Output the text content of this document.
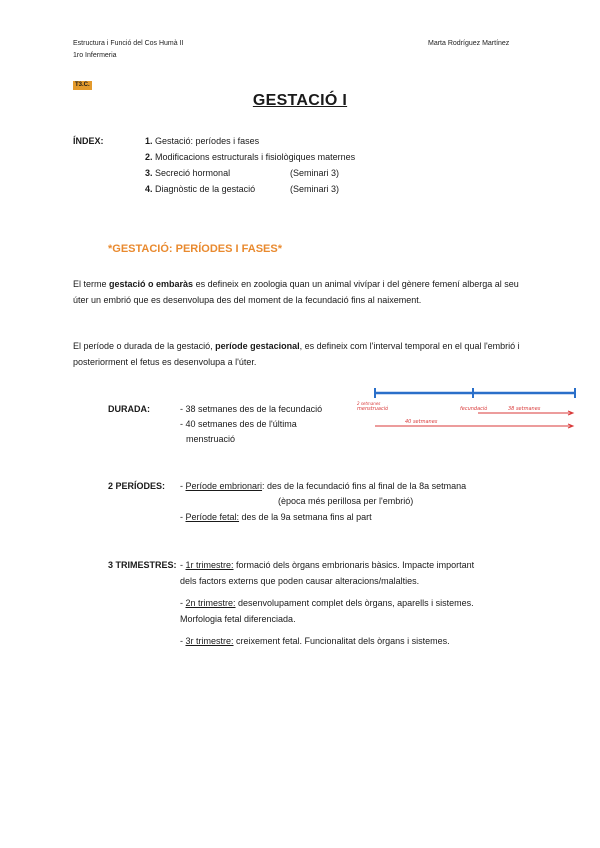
Estructura i Funció del Cos Humà II
1ro Infermeria
Marta Rodríguez Martínez
T3.C.
GESTACIÓ I
ÍNDEX:	1. Gestació: períodes i fases
2. Modificacions estructurals i fisiològiques maternes
3. Secreció hormonal	(Seminari 3)
4. Diagnòstic de la gestació	(Seminari 3)
*GESTACIÓ: PERÍODES I FASES*
El terme gestació o embaràs es defineix en zoologia quan un animal vivípar i del gènere femení alberga al seu úter un embrió que es desenvolupa des del moment de la fecundació fins al naixement.
El període o durada de la gestació, període gestacional, es defineix com l'interval temporal en el qual l'embrió i posteriorment el fetus es desenvolupa a l'úter.
DURADA:	- 38 setmanes des de la fecundació
- 40 setmanes des de l'última
menstruació
menstruació	fecundació	38 setmanes
40 setmanes
2 setmanes
2 PERÍODES: - Període embrionari: des de la fecundació fins al final de la 8a setmana
(època més perillosa per l'embrió)
- Període fetal: des de la 9a setmana fins al part
3 TRIMESTRES: - 1r trimestre: formació dels òrgans embrionaris bàsics. Impacte important
dels factors externs que poden causar alteracions/malalties.
- 2n trimestre: desenvolupament complet dels òrgans, aparells i sistemes.
Morfologia fetal diferenciada.
- 3r trimestre: creixement fetal. Funcionalitat dels òrgans i sistemes.
